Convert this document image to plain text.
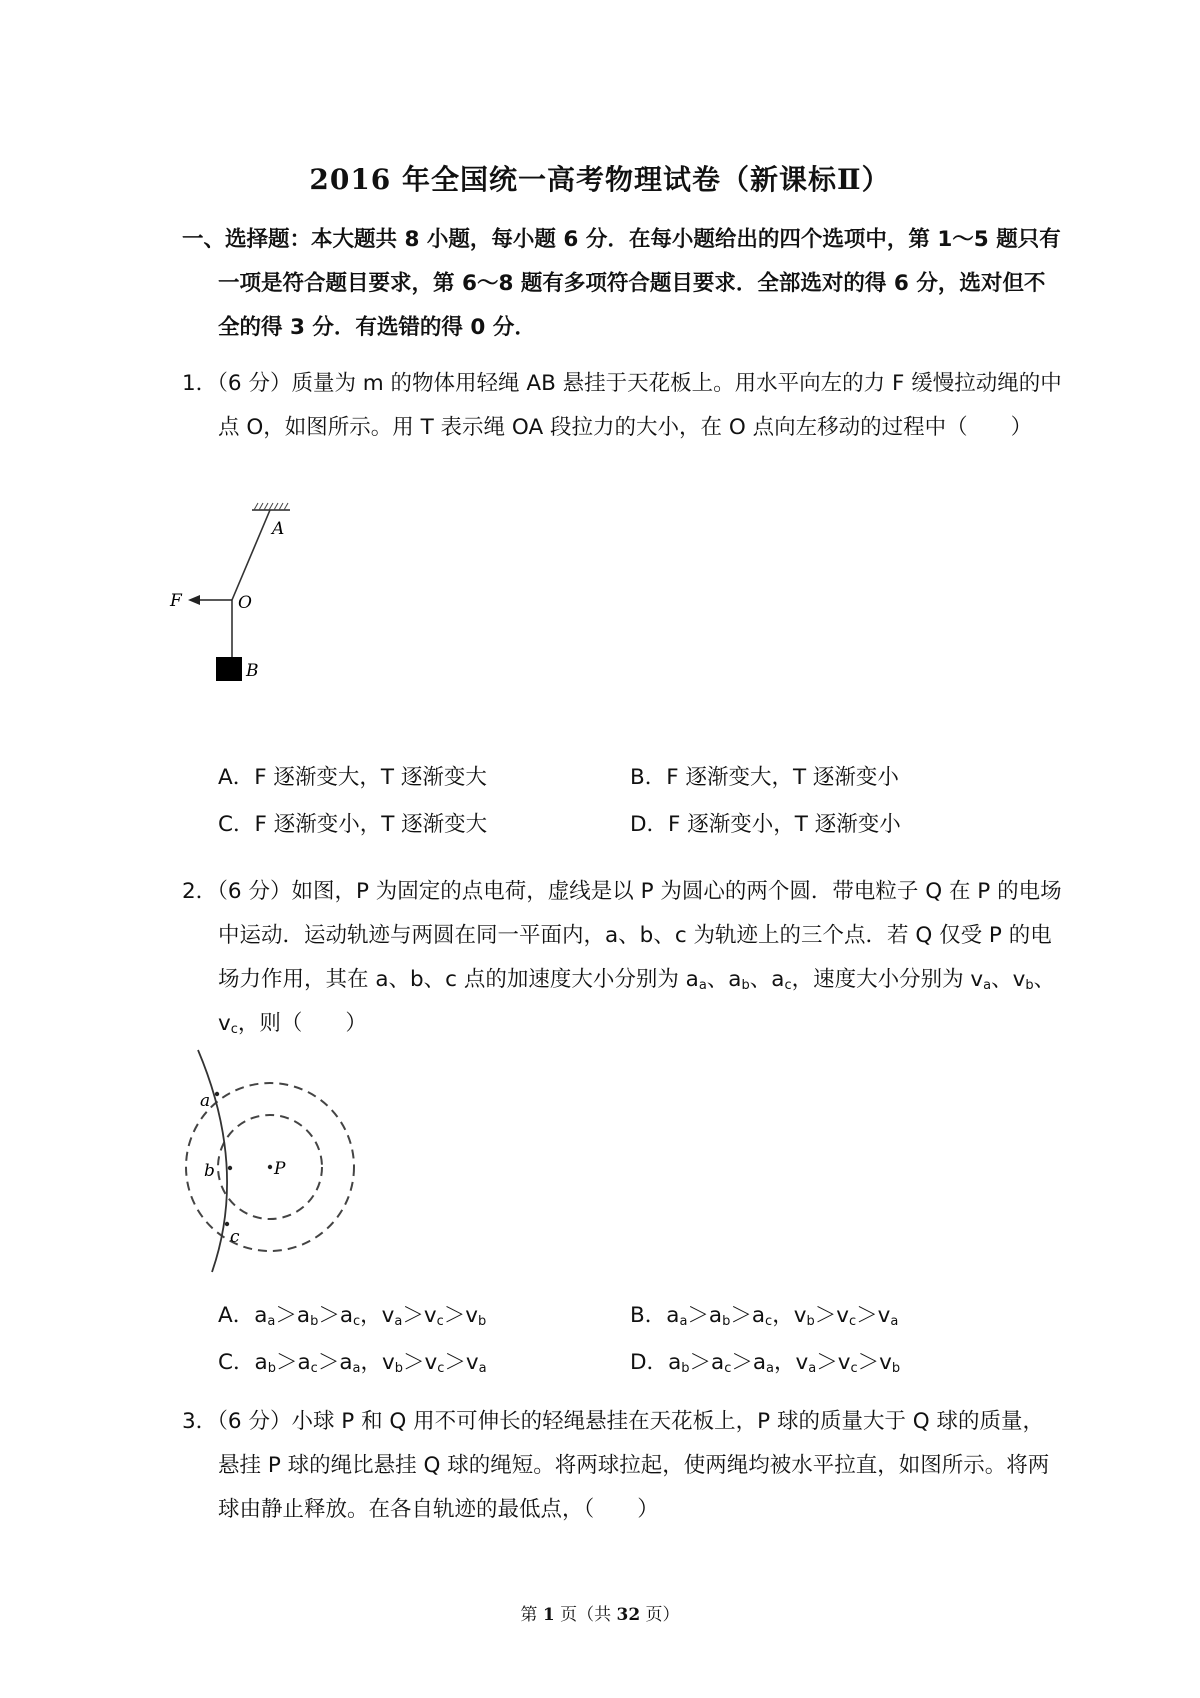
2016 年全国统一高考物理试卷（新课标Ⅱ）
一、选择题：本大题共 8 小题，每小题 6 分．在每小题给出的四个选项中，第 1～5 题只有一项是符合题目要求，第 6～8 题有多项符合题目要求．全部选对的得 6 分，选对但不全的得 3 分．有选错的得 0 分．
1．（6 分）质量为 m 的物体用轻绳 AB 悬挂于天花板上。用水平向左的力 F 缓慢拉动绳的中点 O，如图所示。用 T 表示绳 OA 段拉力的大小，在 O 点向左移动的过程中（　　）
A
O
F
B
A．F 逐渐变大，T 逐渐变大	B．F 逐渐变大，T 逐渐变小
C．F 逐渐变小，T 逐渐变大	D．F 逐渐变小，T 逐渐变小
2．（6 分）如图，P 为固定的点电荷，虚线是以 P 为圆心的两个圆．带电粒子 Q 在 P 的电场中运动．运动轨迹与两圆在同一平面内，a、b、c 为轨迹上的三个点．若 Q 仅受 P 的电场力作用，其在 a、b、c 点的加速度大小分别为 $a_a$、$a_b$、$a_c$，速度大小分别为 $v_a$、$v_b$、$v_c$，则（　　）
a
b
c
P
A．$a_a>a_b>a_c$，$v_a>v_c>v_b$	B．$a_a>a_b>a_c$，$v_b>v_c>v_a$
C．$a_b>a_c>a_a$，$v_b>v_c>v_a$	D．$a_b>a_c>a_a$，$v_a>v_c>v_b$
3．（6 分）小球 P 和 Q 用不可伸长的轻绳悬挂在天花板上，P 球的质量大于 Q 球的质量，悬挂 P 球的绳比悬挂 Q 球的绳短。将两球拉起，使两绳均被水平拉直，如图所示。将两球由静止释放。在各自轨迹的最低点，（　　）
第 1 页（共 32 页）
